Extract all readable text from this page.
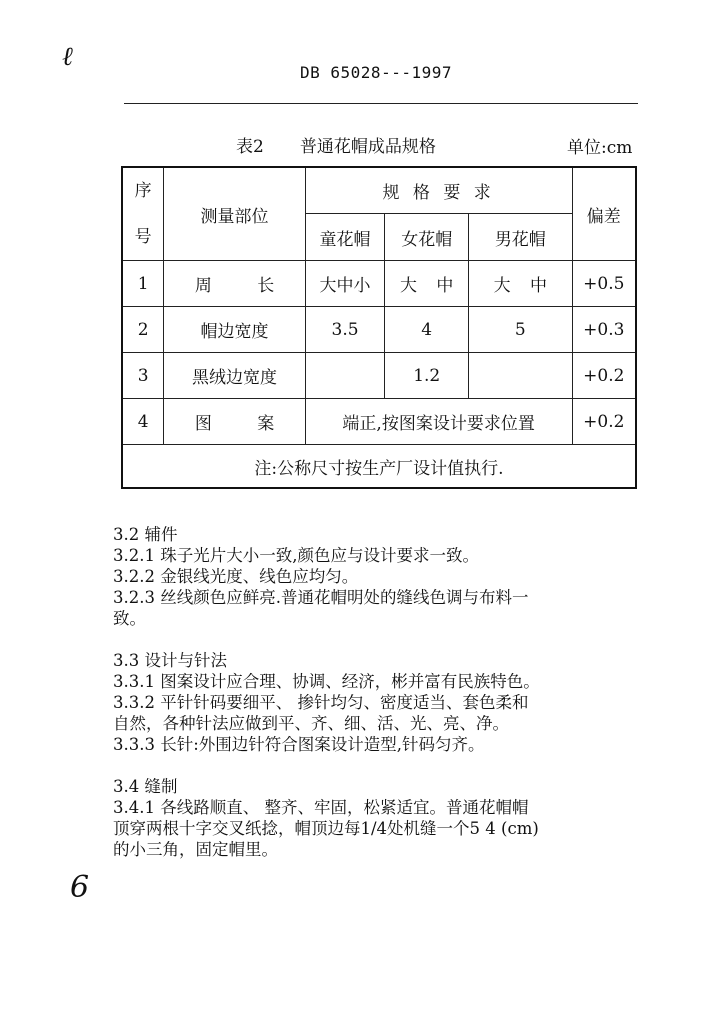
ℓ
DB 65028---1997
表2 普通花帽成品规格	单位:cm
序
号	测量部位	规 格 要 求			偏差
		童花帽	女花帽	男花帽	
1	周 长	大中小	大 中	大 中	+0.5
2	帽边宽度	3.5	4	5	+0.3
3	黑绒边宽度		1.2		+0.2
4	图 案	端正,按图案设计要求位置			+0.2
注:公称尺寸按生产厂设计值执行.					

3.2 辅件

3.2.1 珠子光片大小一致,颜色应与设计要求一致。

3.2.2 金银线光度、线色应均匀。

3.2.3 丝线颜色应鲜亮.普通花帽明处的缝线色调与布料一

致。

3.3 设计与针法

3.3.1 图案设计应合理、协调、经济，彬并富有民族特色。

3.3.2 平针针码要细平、 掺针均匀、密度适当、套色柔和

自然，各种针法应做到平、齐、细、活、光、亮、净。

3.3.3 长针:外围边针符合图案设计造型,针码匀齐。

3.4 缝制

3.4.1 各线路顺直、 整齐、牢固，松紧适宜。普通花帽帽

顶穿两根十字交叉纸捻，帽顶边每1/4处机缝一个5 4 (cm)

的小三角，固定帽里。

6
